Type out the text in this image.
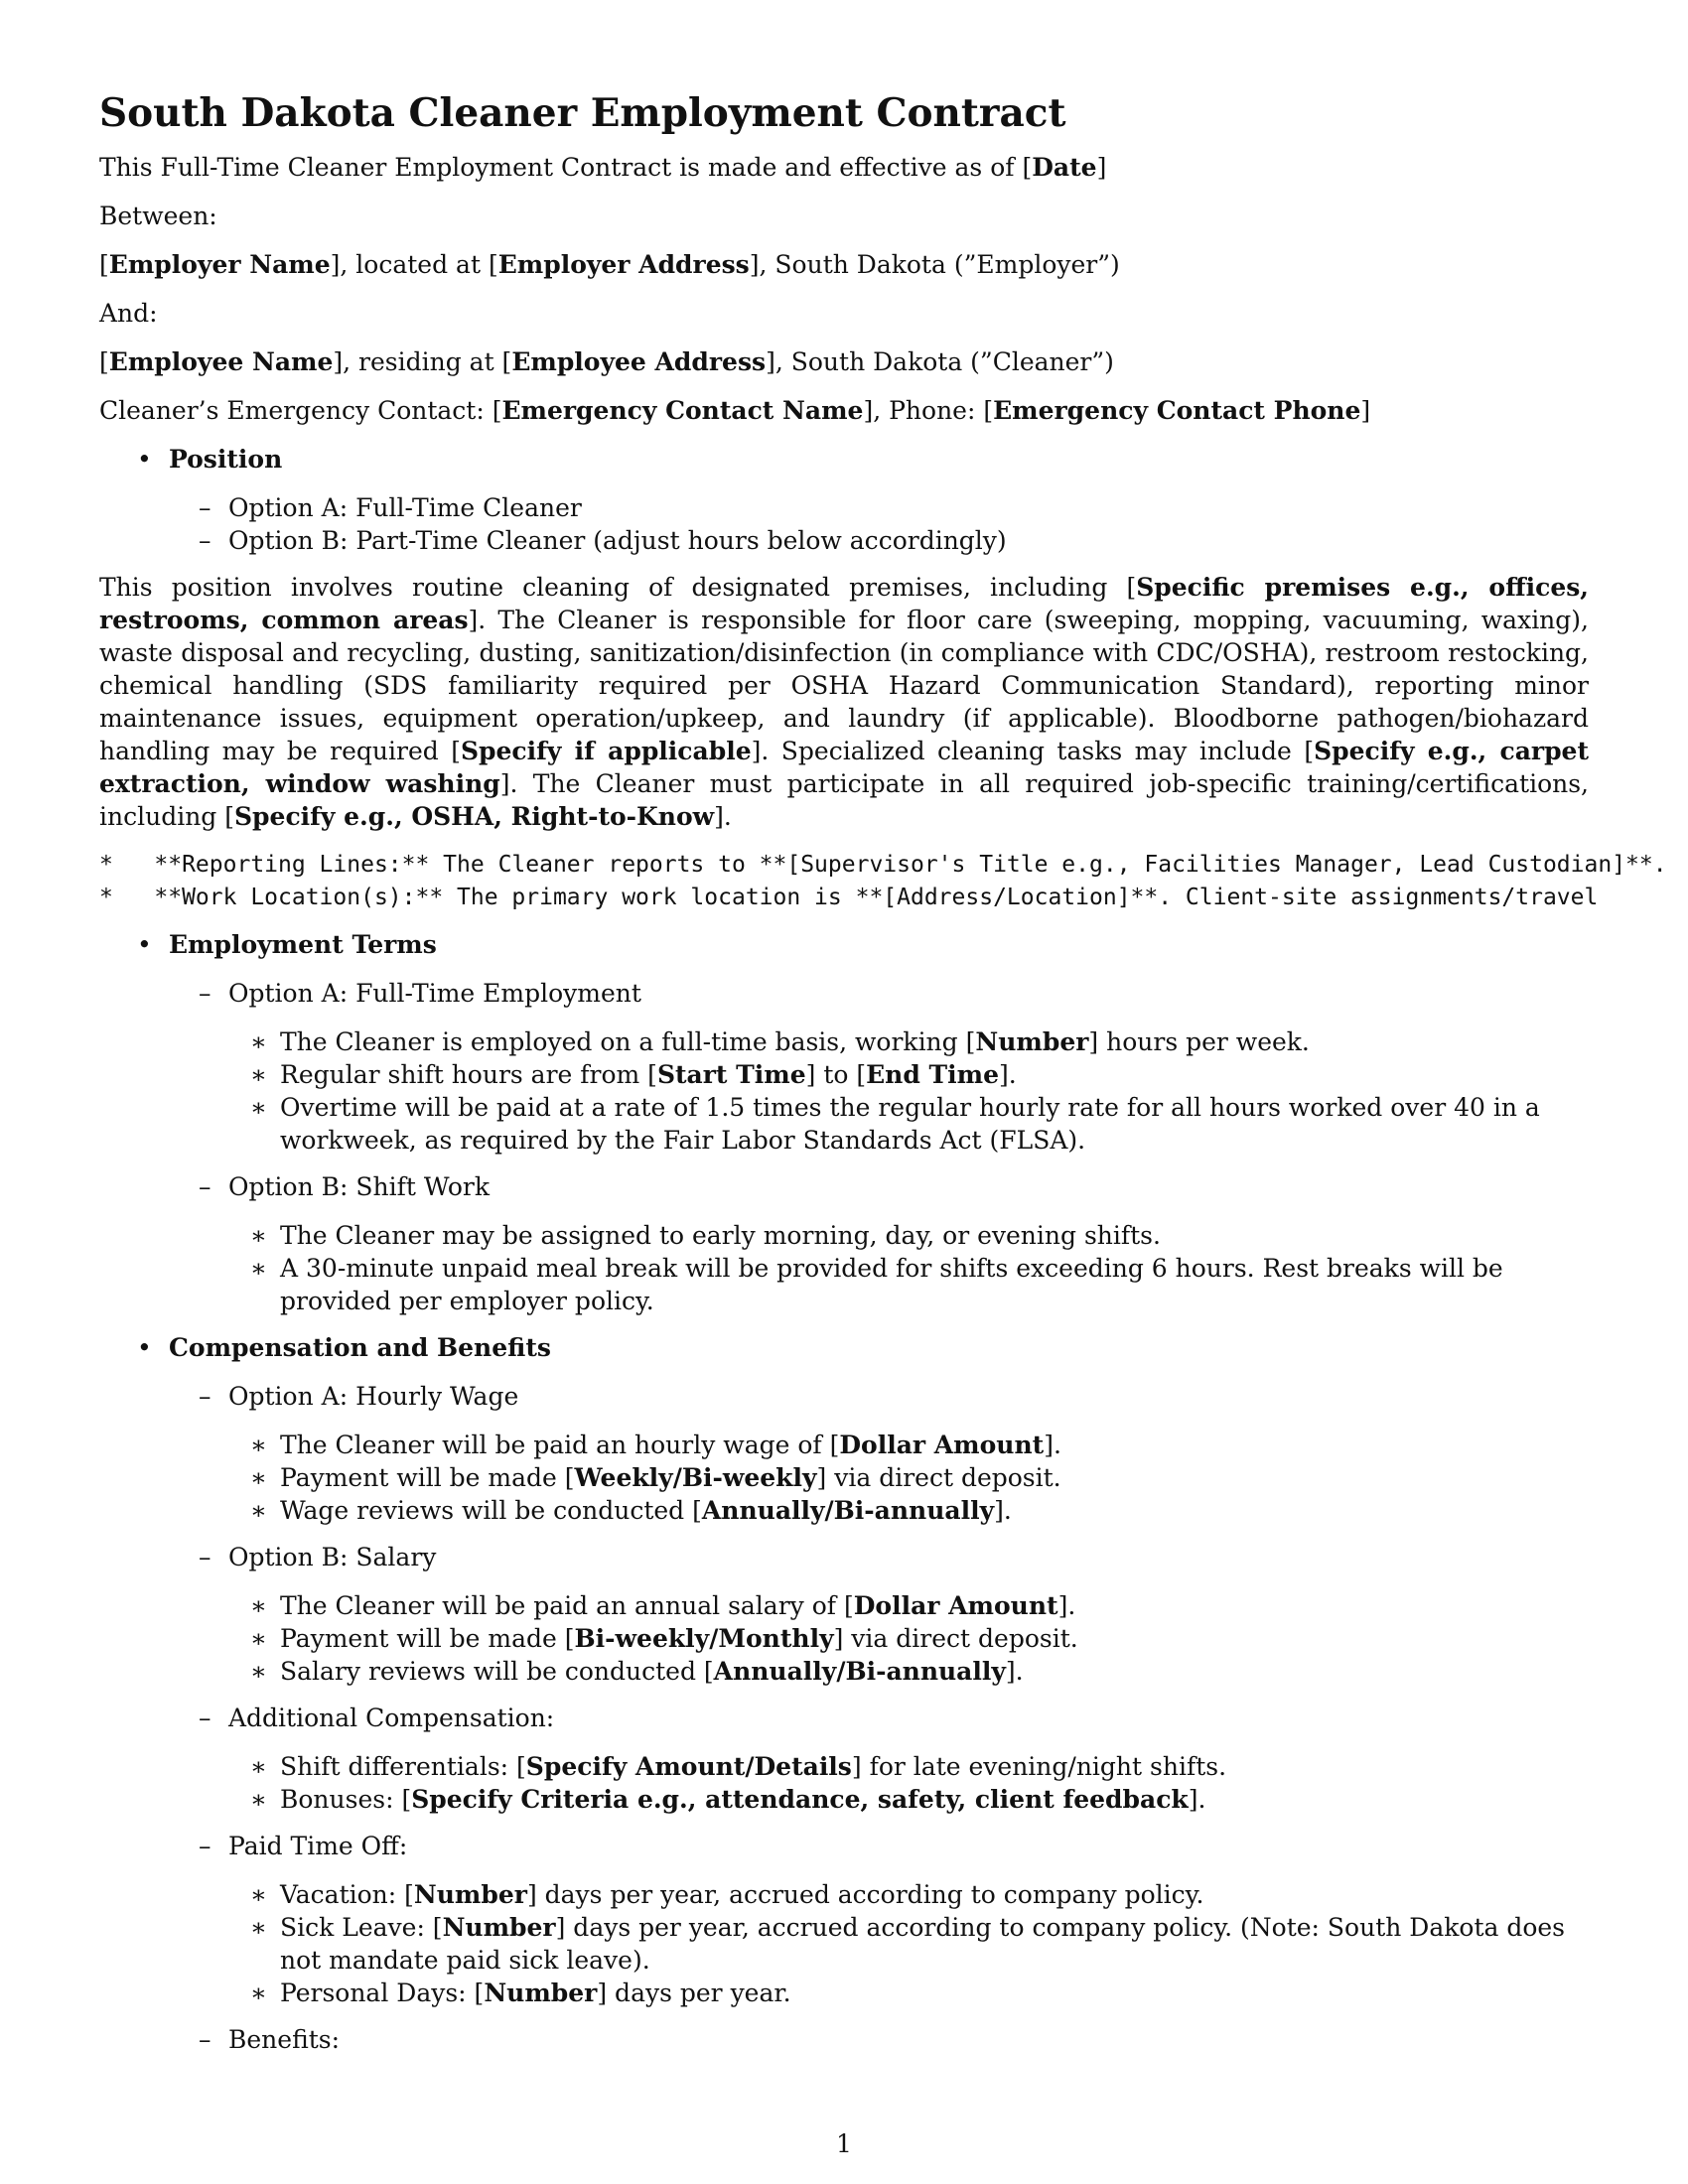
South Dakota Cleaner Employment Contract

This Full-Time Cleaner Employment Contract is made and effective as of [Date]

Between:

[Employer Name], located at [Employer Address], South Dakota (”Employer”)

And:

[Employee Name], residing at [Employee Address], South Dakota (”Cleaner”)

Cleaner’s Emergency Contact: [Emergency Contact Name], Phone: [Emergency Contact Phone]

• Position
– Option A: Full-Time Cleaner
– Option B: Part-Time Cleaner (adjust hours below accordingly)

This position involves routine cleaning of designated premises, including [Specific premises e.g., offices, restrooms, common areas]. The Cleaner is responsible for floor care (sweeping, mopping, vacuuming, waxing), waste disposal and recycling, dusting, sanitization/disinfection (in compliance with CDC/OSHA), restroom restocking, chemical handling (SDS familiarity required per OSHA Hazard Communication Standard), reporting minor maintenance issues, equipment operation/upkeep, and laundry (if applicable). Bloodborne pathogen/biohazard handling may be required [Specify if applicable]. Specialized cleaning tasks may include [Specify e.g., carpet extraction, window washing]. The Cleaner must participate in all required job-specific training/certifications, including [Specify e.g., OSHA, Right-to-Know].

*   **Reporting Lines:** The Cleaner reports to **[Supervisor's Title e.g., Facilities Manager, Lead Custodian]**.
*   **Work Location(s):** The primary work location is **[Address/Location]**. Client-site assignments/travel
• Employment Terms
– Option A: Full-Time Employment
∗ The Cleaner is employed on a full-time basis, working [Number] hours per week.
∗ Regular shift hours are from [Start Time] to [End Time].
∗ Overtime will be paid at a rate of 1.5 times the regular hourly rate for all hours worked over 40 in a workweek, as required by the Fair Labor Standards Act (FLSA).
– Option B: Shift Work
∗ The Cleaner may be assigned to early morning, day, or evening shifts.
∗ A 30-minute unpaid meal break will be provided for shifts exceeding 6 hours. Rest breaks will be provided per employer policy.
• Compensation and Benefits
– Option A: Hourly Wage
∗ The Cleaner will be paid an hourly wage of [Dollar Amount].
∗ Payment will be made [Weekly/Bi-weekly] via direct deposit.
∗ Wage reviews will be conducted [Annually/Bi-annually].
– Option B: Salary
∗ The Cleaner will be paid an annual salary of [Dollar Amount].
∗ Payment will be made [Bi-weekly/Monthly] via direct deposit.
∗ Salary reviews will be conducted [Annually/Bi-annually].
– Additional Compensation:
∗ Shift differentials: [Specify Amount/Details] for late evening/night shifts.
∗ Bonuses: [Specify Criteria e.g., attendance, safety, client feedback].
– Paid Time Off:
∗ Vacation: [Number] days per year, accrued according to company policy.
∗ Sick Leave: [Number] days per year, accrued according to company policy. (Note: South Dakota does not mandate paid sick leave).
∗ Personal Days: [Number] days per year.
– Benefits:
1
